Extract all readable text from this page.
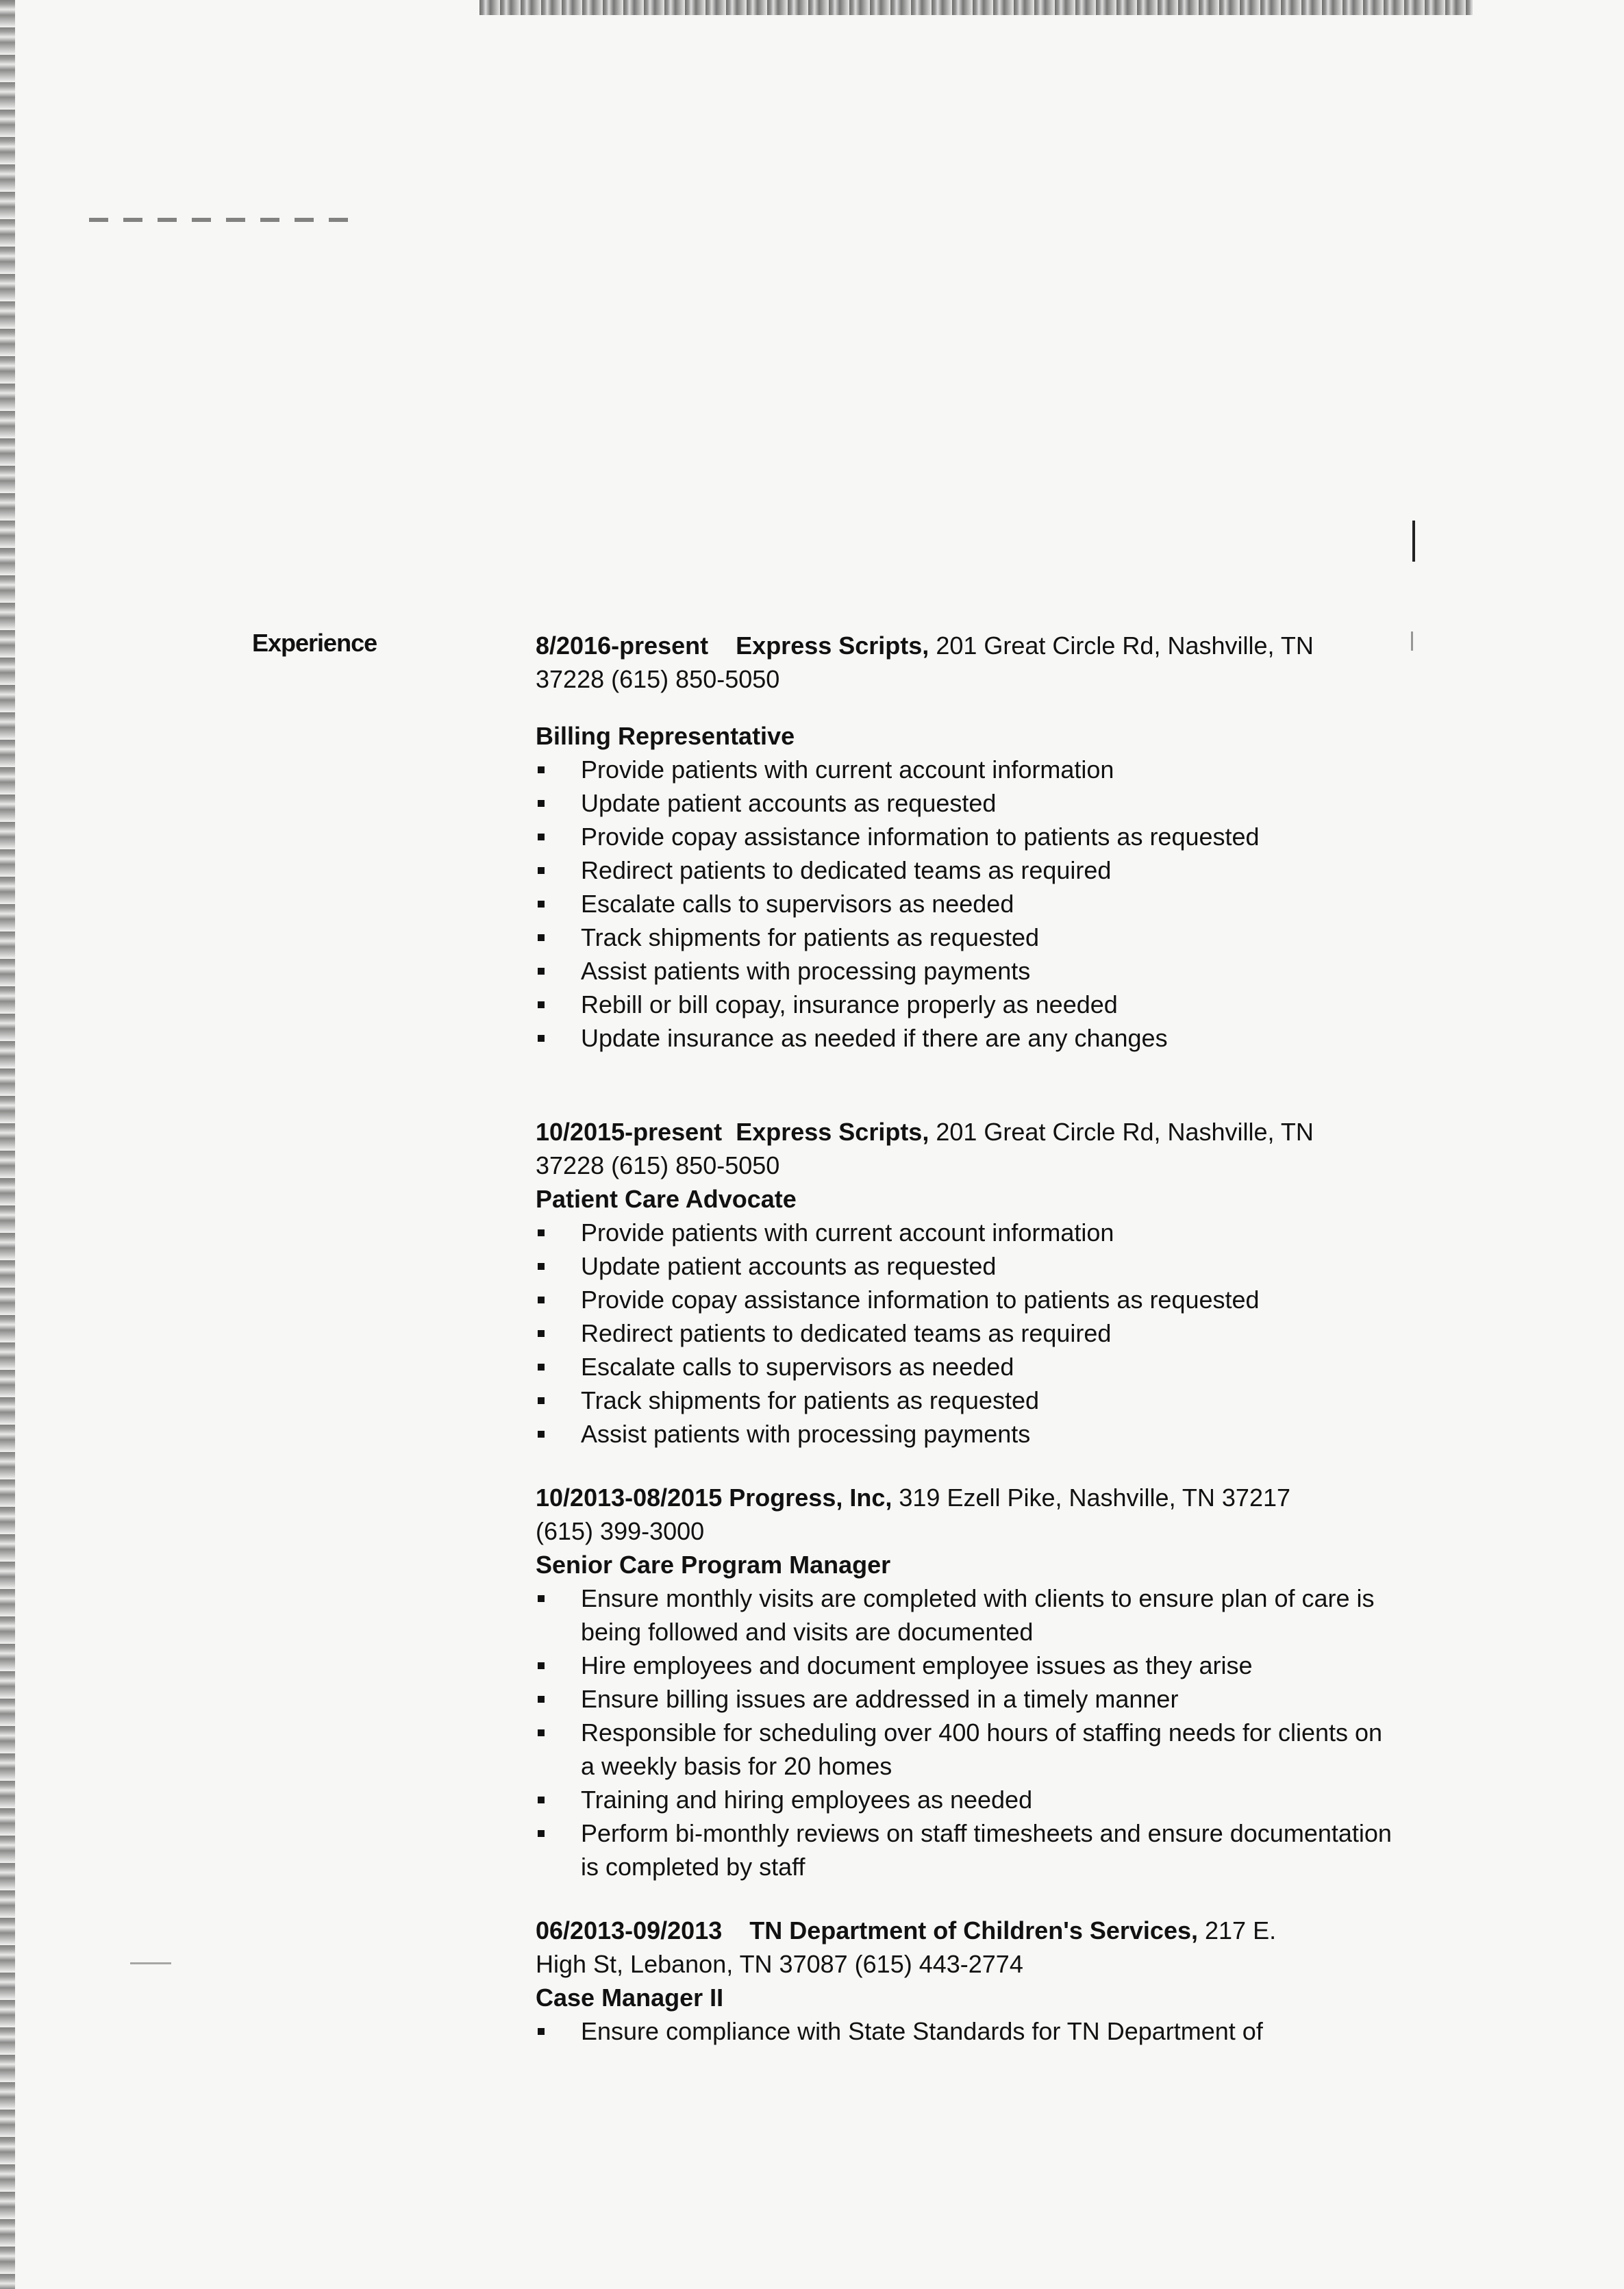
Experience	8/2016-present Express Scripts, 201 Great Circle Rd, Nashville, TN
37228 (615) 850-5050
Billing Representative
Provide patients with current account information
Update patient accounts as requested
Provide copay assistance information to patients as requested
Redirect patients to dedicated teams as required
Escalate calls to supervisors as needed
Track shipments for patients as requested
Assist patients with processing payments
Rebill or bill copay, insurance properly as needed
Update insurance as needed if there are any changes
10/2015-present Express Scripts, 201 Great Circle Rd, Nashville, TN
37228 (615) 850-5050
Patient Care Advocate
Provide patients with current account information
Update patient accounts as requested
Provide copay assistance information to patients as requested
Redirect patients to dedicated teams as required
Escalate calls to supervisors as needed
Track shipments for patients as requested
Assist patients with processing payments
10/2013-08/2015 Progress, Inc, 319 Ezell Pike, Nashville, TN 37217
(615) 399-3000
Senior Care Program Manager
Ensure monthly visits are completed with clients to ensure plan of care is being followed and visits are documented
Hire employees and document employee issues as they arise
Ensure billing issues are addressed in a timely manner
Responsible for scheduling over 400 hours of staffing needs for clients on a weekly basis for 20 homes
Training and hiring employees as needed
Perform bi-monthly reviews on staff timesheets and ensure documentation is completed by staff
06/2013-09/2013 TN Department of Children's Services, 217 E.
High St, Lebanon, TN 37087 (615) 443-2774
Case Manager II
Ensure compliance with State Standards for TN Department of
